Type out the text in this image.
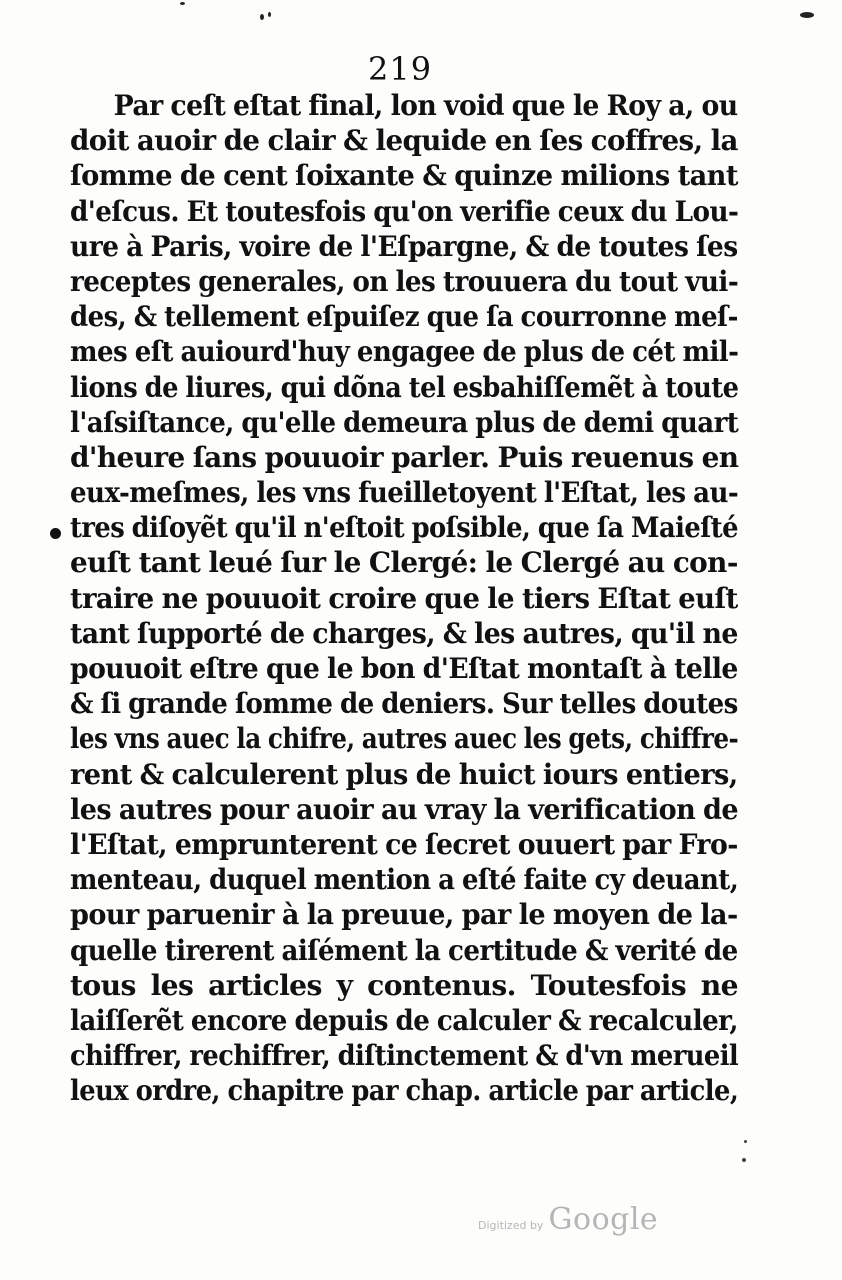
219
Par ceſt eſtat final, lon void que le Roy a, ou
doit auoir de clair & lequide en ſes coffres, la
ſomme de cent ſoixante & quinze milions tant
d'eſcus. Et toutesfois qu'on verifie ceux du Lou-
ure à Paris, voire de l'Eſpargne, & de toutes ſes
receptes generales, on les trouuera du tout vui-
des, & tellement eſpuiſez que ſa courronne meſ-
mes eſt auiourd'huy engagee de plus de cét mil-
lions de liures, qui dõna tel esbahiſſemẽt à toute
l'aſsiſtance, qu'elle demeura plus de demi quart
d'heure ſans pouuoir parler. Puis reuenus en
eux-meſmes, les vns fueilletoyent l'Eſtat, les au-
tres diſoyẽt qu'il n'eſtoit poſsible, que ſa Maieſté
euſt tant leué ſur le Clergé: le Clergé au con-
traire ne pouuoit croire que le tiers Eſtat euſt
tant ſupporté de charges, & les autres, qu'il ne
pouuoit eſtre que le bon d'Eſtat montaſt à telle
& ſi grande ſomme de deniers. Sur telles doutes
les vns auec la chifre, autres auec les gets, chiffre-
rent & calculerent plus de huict iours entiers,
les autres pour auoir au vray la verification de
l'Eſtat, emprunterent ce ſecret ouuert par Fro-
menteau, duquel mention a eſté faite cy deuant,
pour paruenir à la preuue, par le moyen de la-
quelle tirerent aiſément la certitude & verité de
tous les articles y contenus. Toutesfois ne
laiſſerẽt encore depuis de calculer & recalculer,
chiffrer, rechiffrer, diſtinctement & d'vn merueil
leux ordre, chapitre par chap. article par article,
Digitized by Google
